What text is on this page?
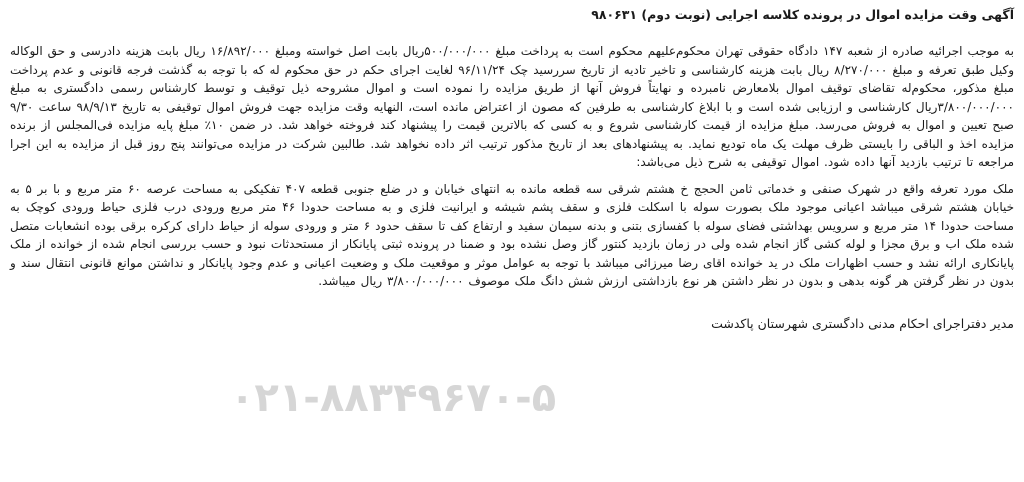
آگهی وقت مزایده اموال در پرونده کلاسه اجرایی (نوبت دوم) ۹۸۰۶۳۱

به موجب اجرائیه صادره از شعبه ۱۴۷ دادگاه حقوقی تهران محکوم‌علیهم محکوم است به پرداخت مبلغ ۵۰۰/۰۰۰/۰۰۰ریال بابت اصل خواسته ومبلغ ۱۶/۸۹۲/۰۰۰ ریال بابت هزینه دادرسی و حق الوکاله وکیل طبق تعرفه و مبلغ ۸/۲۷۰/۰۰۰ ریال بابت هزینه کارشناسی و تاخیر تادیه از تاریخ سررسید چک ۹۶/۱۱/۲۴ لغایت اجرای حکم در حق محکوم له که با توجه به گذشت فرجه قانونی و عدم پرداخت مبلغ مذکور، محکوم‌له تقاضای توقیف اموال بلامعارض نامبرده و نهایتاً فروش آنها از طریق مزایده را نموده است و اموال مشروحه ذیل توقیف و توسط کارشناس رسمی دادگستری به مبلغ ۳/۸۰۰/۰۰۰/۰۰۰ریال کارشناسی و ارزیابی شده است و با ابلاغ کارشناسی به طرفین که مصون از اعتراض مانده است، النهایه وقت مزایده جهت فروش اموال توقیفی به تاریخ ۹۸/۹/۱۳ ساعت ۹/۳۰ صبح تعیین و اموال به فروش می‌رسد. مبلغ مزایده از قیمت کارشناسی شروع و به کسی که بالاترین قیمت را پیشنهاد کند فروخته خواهد شد. در ضمن ۱۰٪ مبلغ پایه مزایده فی‌المجلس از برنده مزایده اخذ و الباقی را بایستی ظرف مهلت یک ماه تودیع نماید. به پیشنهادهای بعد از تاریخ مذکور ترتیب اثر داده نخواهد شد. طالبین شرکت در مزایده می‌توانند پنج روز قبل از مزایده به این اجرا مراجعه تا ترتیب بازدید آنها داده شود. اموال توقیفی به شرح ذیل می‌باشد:

ملک مورد تعرفه واقع در شهرک صنفی و خدماتی ثامن الحجج خ هشتم شرقی سه قطعه مانده به انتهای خیابان و در ضلع جنوبی قطعه ۴۰۷ تفکیکی به مساحت عرصه ۶۰ متر مربع و با بر ۵ به خیابان هشتم شرقی میباشد اعیانی موجود ملک بصورت سوله با اسکلت فلزی و سقف پشم شیشه و ایرانیت فلزی و به مساحت حدودا ۴۶ متر مربع ورودی درب فلزی حیاط ورودی کوچک به مساحت حدودا ۱۴ متر مربع و سرویس بهداشتی فضای سوله با کفسازی بتنی و بدنه سیمان سفید و ارتفاع کف تا سقف حدود ۶ متر و ورودی سوله از حیاط دارای کرکره برقی بوده انشعابات متصل شده ملک اب و برق مجزا و لوله کشی گاز انجام شده ولی در زمان بازدید کنتور گاز وصل نشده بود و ضمنا در پرونده ثبتی پایانکار از مستحدثات نبود و حسب بررسی انجام شده از خوانده از ملک پایانکاری ارائه نشد و حسب اظهارات ملک در ید خوانده اقای رضا میرزائی میباشد با توجه به عوامل موثر و موقعیت ملک و وضعیت اعیانی و عدم وجود پایانکار و نداشتن موانع قانونی انتقال سند و بدون در نظر گرفتن هر گونه بدهی و بدون در نظر داشتن هر نوع بازداشتی ارزش شش دانگ ملک موصوف ۳/۸۰۰/۰۰۰/۰۰۰ ریال میباشد.

مدیر دفتراجرای احکام مدنی دادگستری شهرستان پاکدشت
۰۲۱-۸۸۳۴۹۶۷۰-۵
